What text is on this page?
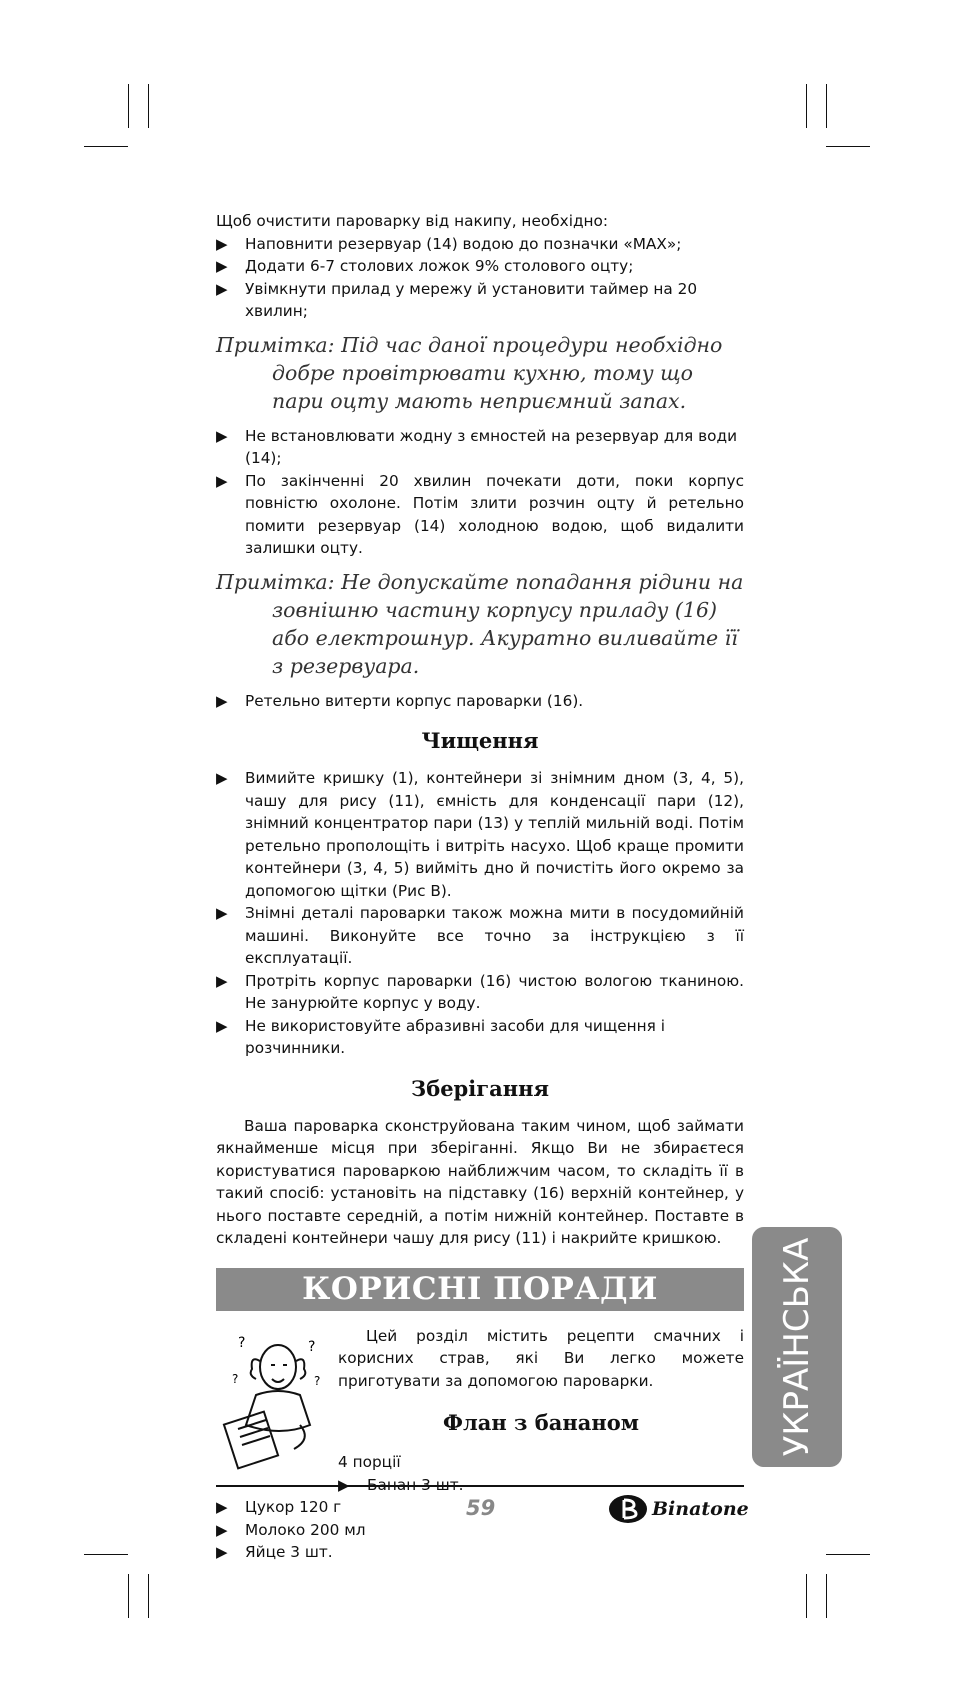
Щоб очистити пароварку від накипу, необхідно:

▶ Наповнити резервуар (14) водою до позначки «МАХ»;
▶ Додати 6-7 столових ложок 9% столового оцту;
▶ Увімкнути прилад у мережу й установити таймер на 20 хвилин;

Примітка: Під час даної процедури необхідно добре провітрювати кухню, тому що пари оцту мають неприємний запах.

▶ Не встановлювати жодну з ємностей на резервуар для води (14);
▶ По закінченні 20 хвилин почекати доти, поки корпус повністю охолоне. Потім злити розчин оцту й ретельно помити резервуар (14) холодною водою, щоб видалити залишки оцту.

Примітка: Не допускайте попадання рідини на зовнішню частину корпусу приладу (16) або електрошнур. Акуратно виливайте її з резервуара.

▶ Ретельно витерти корпус пароварки (16).
Чищення
▶ Вимийте кришку (1), контейнери зі знімним дном (3, 4, 5), чашу для рису (11), ємність для конденсації пари (12), знімний концентратор пари (13) у теплій мильній воді. Потім ретельно прополощіть і витріть насухо. Щоб краще промити контейнери (3, 4, 5) вийміть дно й почистіть його окремо за допомогою щітки (Рис В).
▶ Знімні деталі пароварки також можна мити в посудомийній машині. Виконуйте все точно за інструкцією з її експлуатації.
▶ Протріть корпус пароварки (16) чистою вологою тканиною. Не занурюйте корпус у воду.
▶ Не використовуйте абразивні засоби для чищення і розчинники.
Зберігання

Ваша пароварка сконструйована таким чином, щоб займати якнайменше місця при зберіганні. Якщо Ви не збираєтеся користуватися пароваркою найближчим часом, то складіть її в такий спосіб: установіть на підставку (16) верхній контейнер, у нього поставте середній, а потім нижній контейнер. Поставте в складені контейнери чашу для рису (11) і накрийте кришкою.

КОРИСНІ ПОРАДИ
?	?
?	?

Цей розділ містить рецепти смачних і корисних страв, які Ви легко можете приготувати за допомогою пароварки.

Флан з бананом

4 порції

▶
▶ Цукор 120 г
▶ Молоко 200 мл
▶ Яйце 3 шт.
УКРАЇНСЬКА
59	Binatone
